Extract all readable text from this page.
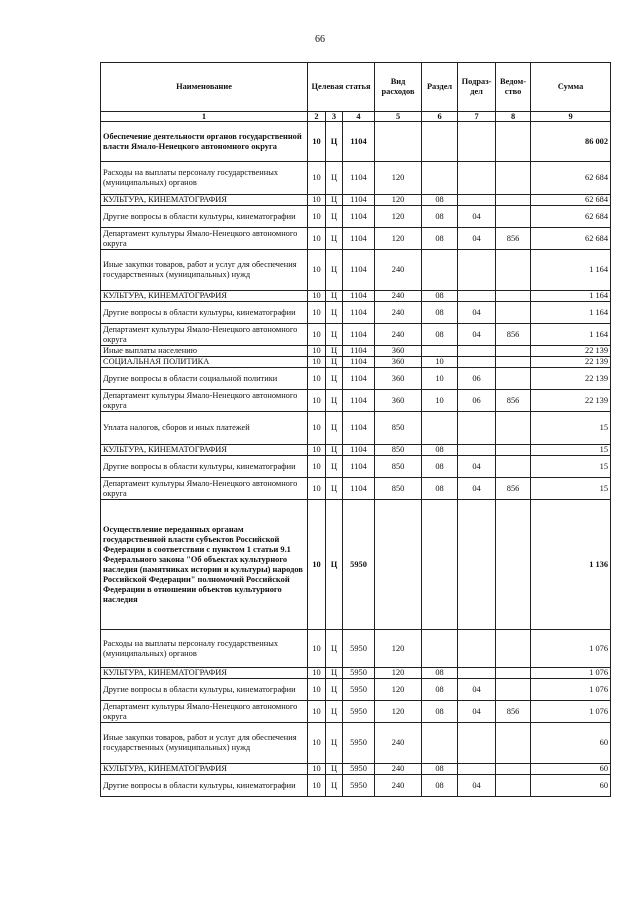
66
Наименование	Целевая статья			Вид расходов	Раздел	Подраз-дел	Ведом-ство	Сумма
1	2	3	4	5	6	7	8	9
Обеспечение деятельности органов государственной власти Ямало-Ненецкого автономного округа	10	Ц	1104					86 002
Расходы на выплаты персоналу государственных (муниципальных) органов	10	Ц	1104	120				62 684
КУЛЬТУРА, КИНЕМАТОГРАФИЯ	10	Ц	1104	120	08			62 684
Другие вопросы в области культуры, кинематографии	10	Ц	1104	120	08	04		62 684
Департамент культуры Ямало-Ненецкого автономного округа	10	Ц	1104	120	08	04	856	62 684
Иные закупки товаров, работ и услуг для обеспечения государственных (муниципальных) нужд	10	Ц	1104	240				1 164
КУЛЬТУРА, КИНЕМАТОГРАФИЯ	10	Ц	1104	240	08			1 164
Другие вопросы в области культуры, кинематографии	10	Ц	1104	240	08	04		1 164
Департамент культуры Ямало-Ненецкого автономного округа	10	Ц	1104	240	08	04	856	1 164
Иные выплаты населению	10	Ц	1104	360				22 139
СОЦИАЛЬНАЯ ПОЛИТИКА	10	Ц	1104	360	10			22 139
Другие вопросы в области социальной политики	10	Ц	1104	360	10	06		22 139
Департамент культуры Ямало-Ненецкого автономного округа	10	Ц	1104	360	10	06	856	22 139
Уплата налогов, сборов и иных платежей	10	Ц	1104	850				15
КУЛЬТУРА, КИНЕМАТОГРАФИЯ	10	Ц	1104	850	08			15
Другие вопросы в области культуры, кинематографии	10	Ц	1104	850	08	04		15
Департамент культуры Ямало-Ненецкого автономного округа	10	Ц	1104	850	08	04	856	15
Осуществление переданных органам государственной власти субъектов Российской Федерации в соответствии с пунктом 1 статьи 9.1 Федерального закона "Об объектах культурного наследия (памятниках истории и культуры) народов Российской Федерации" полномочий Российской Федерации в отношении объектов культурного наследия	10	Ц	5950					1 136
Расходы на выплаты персоналу государственных (муниципальных) органов	10	Ц	5950	120				1 076
КУЛЬТУРА, КИНЕМАТОГРАФИЯ	10	Ц	5950	120	08			1 076
Другие вопросы в области культуры, кинематографии	10	Ц	5950	120	08	04		1 076
Департамент культуры Ямало-Ненецкого автономного округа	10	Ц	5950	120	08	04	856	1 076
Иные закупки товаров, работ и услуг для обеспечения государственных (муниципальных) нужд	10	Ц	5950	240				60
КУЛЬТУРА, КИНЕМАТОГРАФИЯ	10	Ц	5950	240	08			60
Другие вопросы в области культуры, кинематографии	10	Ц	5950	240	08	04		60
